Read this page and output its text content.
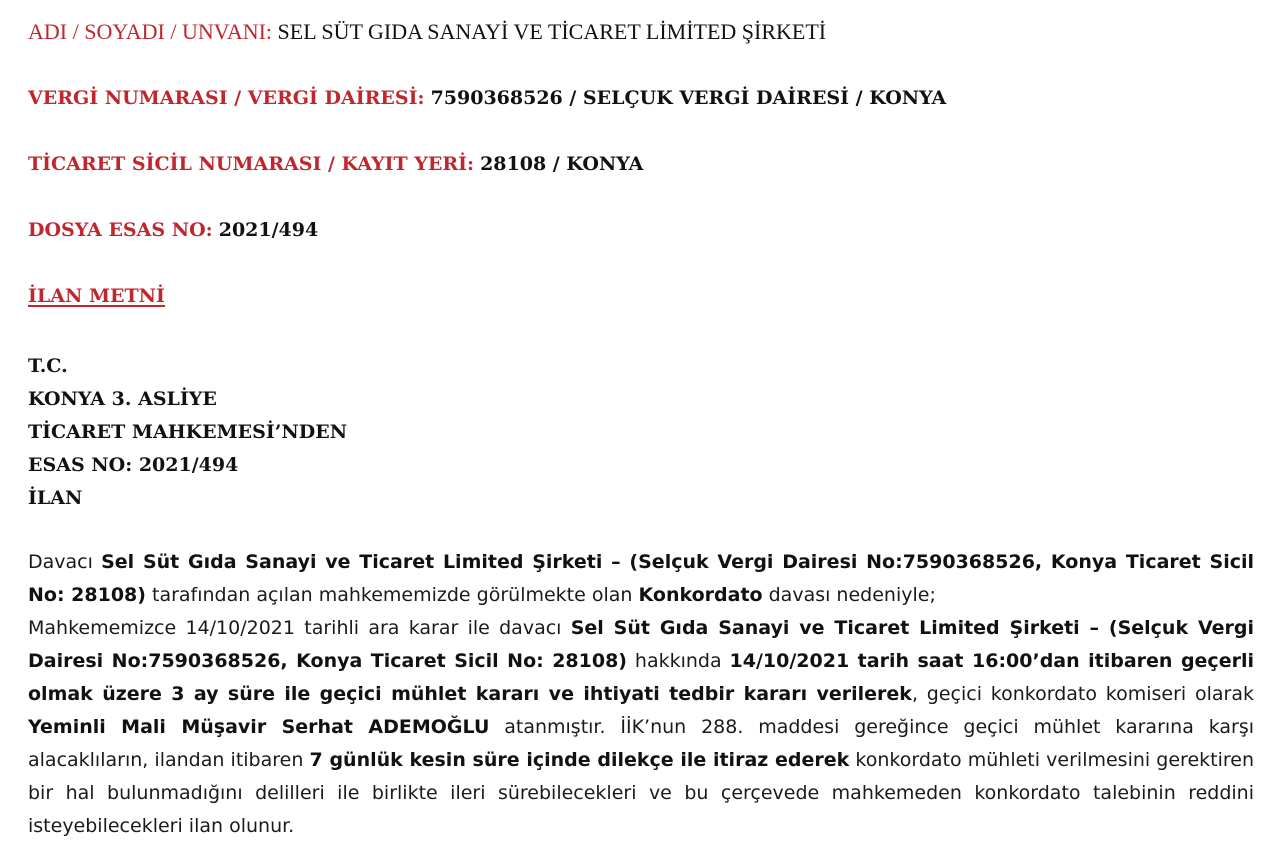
ADI / SOYADI / UNVANI: SEL SÜT GIDA SANAYİ VE TİCARET LİMİTED ŞİRKETİ
VERGİ NUMARASI / VERGİ DAİRESİ: 7590368526 / SELÇUK VERGİ DAİRESİ / KONYA
TİCARET SİCİL NUMARASI / KAYIT YERİ: 28108 / KONYA
DOSYA ESAS NO: 2021/494
İLAN METNİ
T.C.
KONYA 3. ASLİYE
TİCARET MAHKEMESİ’NDEN
ESAS NO: 2021/494
İLAN

Davacı Sel Süt Gıda Sanayi ve Ticaret Limited Şirketi – (Selçuk Vergi Dairesi No:7590368526, Konya Ticaret Sicil No: 28108) tarafından açılan mahkememizde görülmekte olan Konkordato davası nedeniyle;

Mahkememizce 14/10/2021 tarihli ara karar ile davacı Sel Süt Gıda Sanayi ve Ticaret Limited Şirketi – (Selçuk Vergi Dairesi No:7590368526, Konya Ticaret Sicil No: 28108) hakkında 14/10/2021 tarih saat 16:00’dan itibaren geçerli olmak üzere 3 ay süre ile geçici mühlet kararı ve ihtiyati tedbir kararı verilerek, geçici konkordato komiseri olarak Yeminli Mali Müşavir Serhat ADEMOĞLU atanmıştır. İİK’nun 288. maddesi gereğince geçici mühlet kararına karşı alacaklıların, ilandan itibaren 7 günlük kesin süre içinde dilekçe ile itiraz ederek konkordato mühleti verilmesini gerektiren bir hal bulunmadığını delilleri ile birlikte ileri sürebilecekleri ve bu çerçevede mahkemeden konkordato talebinin reddini isteyebilecekleri ilan olunur.
